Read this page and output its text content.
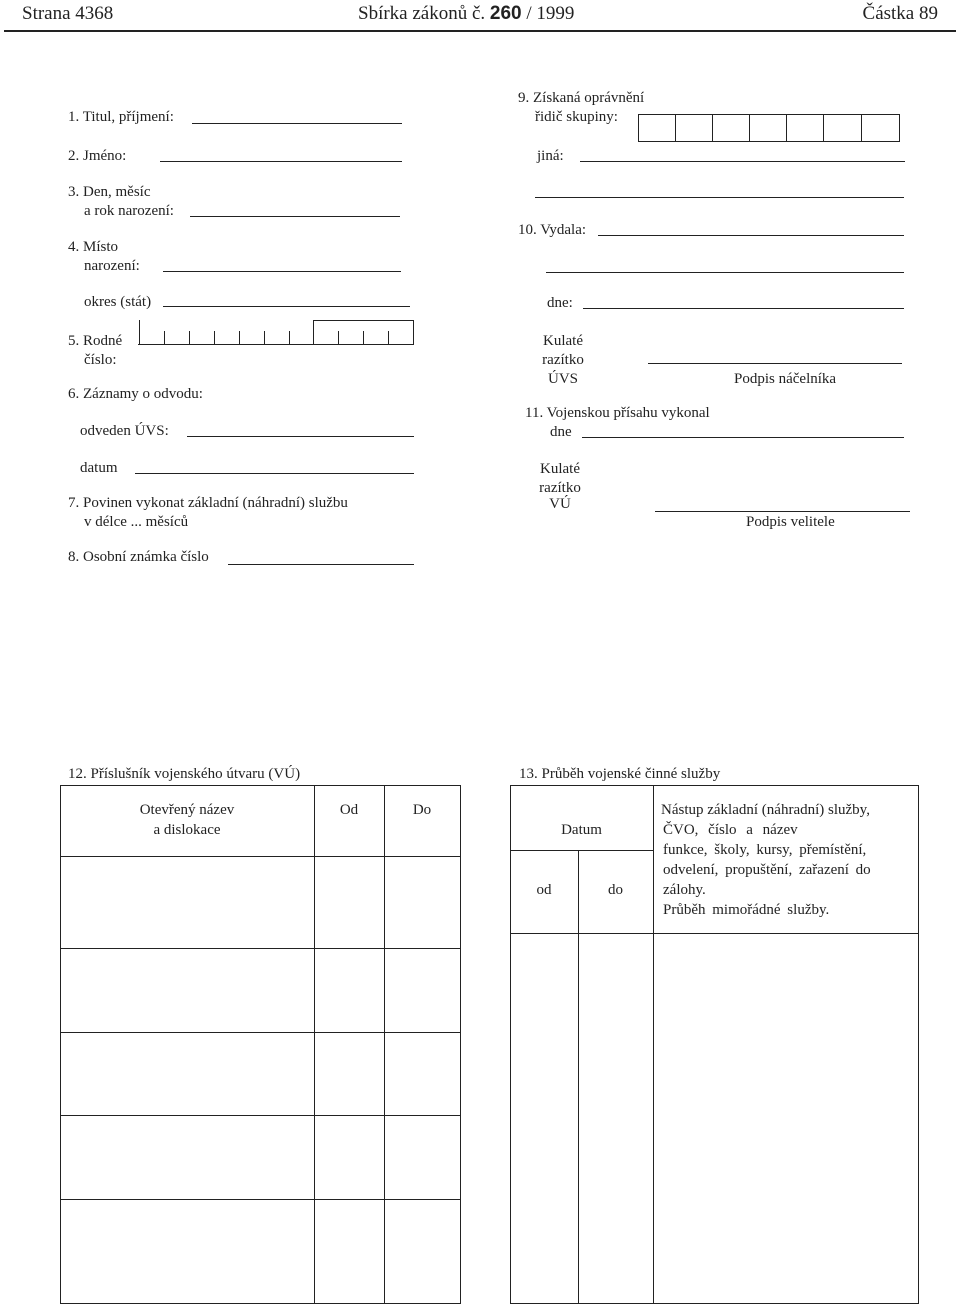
Strana 4368	Sbírka zákonů č. 260 / 1999	Částka 89
1. Titul, příjmení:
2. Jméno:
3. Den, měsíc
a rok narození:
4. Místo
narození:
okres (stát)
5. Rodné
číslo:
6. Záznamy o odvodu:
odveden ÚVS:
datum
7. Povinen vykonat základní (náhradní) službu
v délce ... měsíců
8. Osobní známka číslo
9. Získaná oprávnění
řidič skupiny:
jiná:
10. Vydala:
dne:
Kulaté
razítko
ÚVS	Podpis náčelníka
11. Vojenskou přísahu vykonal
dne
Kulaté
razítko
VÚ
Podpis velitele
12. Příslušník vojenského útvaru (VÚ)
Otevřený název
a dislokace
Od	Do
13. Průběh vojenské činné služby
Datum
od	do
Nástup základní (náhradní) služby,
ČVO, číslo a název
funkce, školy, kursy, přemístění,
odvelení, propuštění, zařazení do
zálohy.
Průběh mimořádné služby.
